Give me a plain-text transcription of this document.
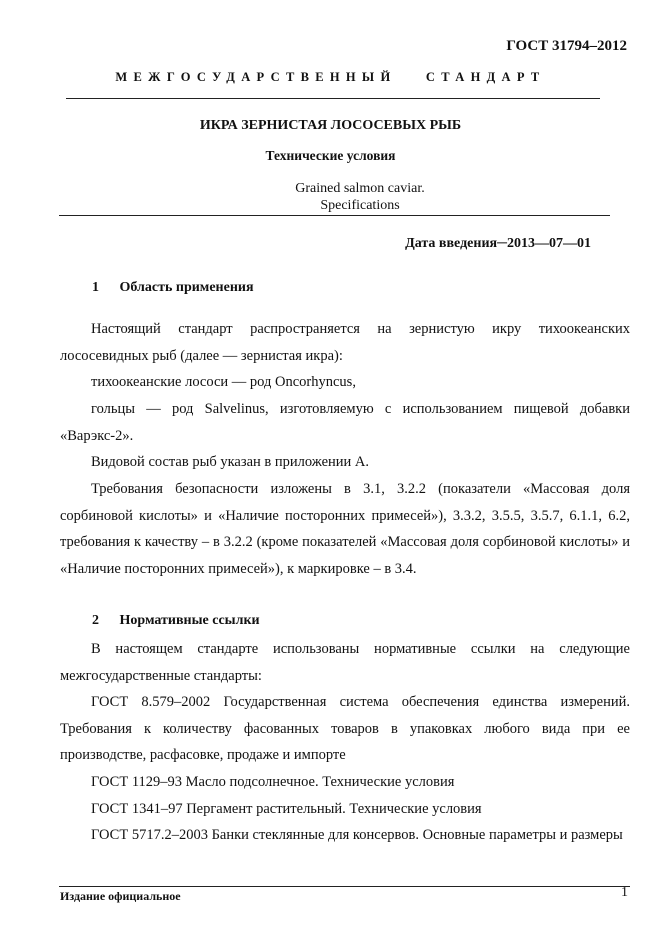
ГОСТ 31794–2012
МЕЖГОСУДАРСТВЕННЫЙ СТАНДАРТ
ИКРА ЗЕРНИСТАЯ ЛОСОСЕВЫХ РЫБ
Технические условия
Grained salmon caviar.
Specifications
Дата введения─2013—07—01
1 Область применения
Настоящий стандарт распространяется на зернистую икру тихоокеанских лососевидных рыб (далее — зернистая икра):
тихоокеанские лососи — род Oncorhyncus,
гольцы — род Salvelinus, изготовляемую с использованием пищевой добавки «Варэкс-2».
Видовой состав рыб указан в приложении А.
Требования безопасности изложены в 3.1, 3.2.2 (показатели «Массовая доля сорбиновой кислоты» и «Наличие посторонних примесей»), 3.3.2, 3.5.5, 3.5.7, 6.1.1, 6.2, требования к качеству – в 3.2.2 (кроме показателей «Массовая доля сорбиновой кислоты» и «Наличие посторонних примесей»), к маркировке – в 3.4.
2 Нормативные ссылки
В настоящем стандарте использованы нормативные ссылки на следующие межгосударственные стандарты:
ГОСТ 8.579–2002 Государственная система обеспечения единства измерений. Требования к количеству фасованных товаров в упаковках любого вида при ее производстве, расфасовке, продаже и импорте
ГОСТ 1129–93 Масло подсолнечное. Технические условия
ГОСТ 1341–97 Пергамент растительный. Технические условия
ГОСТ 5717.2–2003 Банки стеклянные для консервов. Основные параметры и размеры
Издание официальное	1
